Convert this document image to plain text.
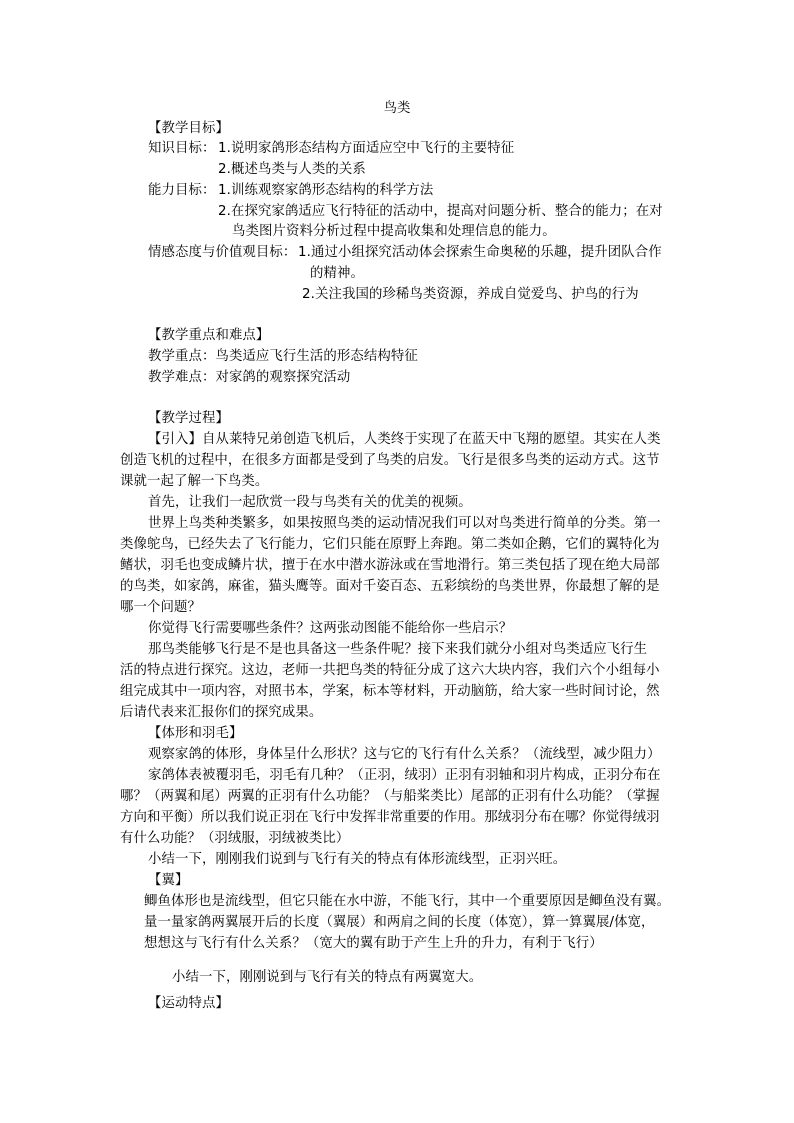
鸟类
【教学目标】
知识目标： 1.说明家鸽形态结构方面适应空中飞行的主要特征
2.概述鸟类与人类的关系
能力目标： 1.训练观察家鸽形态结构的科学方法
2.在探究家鸽适应飞行特征的活动中，提高对问题分析、整合的能力；在对
鸟类图片资料分析过程中提高收集和处理信息的能力。
情感态度与价值观目标： 1.通过小组探究活动体会探索生命奥秘的乐趣，提升团队合作
的精神。
2.关注我国的珍稀鸟类资源，养成自觉爱鸟、护鸟的行为
【教学重点和难点】
教学重点：鸟类适应飞行生活的形态结构特征
教学难点：对家鸽的观察探究活动
【教学过程】
【引入】自从莱特兄弟创造飞机后，人类终于实现了在蓝天中飞翔的愿望。其实在人类
创造飞机的过程中，在很多方面都是受到了鸟类的启发。飞行是很多鸟类的运动方式。这节
课就一起了解一下鸟类。
首先，让我们一起欣赏一段与鸟类有关的优美的视频。
世界上鸟类种类繁多，如果按照鸟类的运动情况我们可以对鸟类进行简单的分类。第一
类像鸵鸟，已经失去了飞行能力，它们只能在原野上奔跑。第二类如企鹅，它们的翼特化为
鳍状，羽毛也变成鳞片状，擅于在水中潜水游泳或在雪地滑行。第三类包括了现在绝大局部
的鸟类，如家鸽，麻雀，猫头鹰等。面对千姿百态、五彩缤纷的鸟类世界，你最想了解的是
哪一个问题？
你觉得飞行需要哪些条件？这两张动图能不能给你一些启示？
那鸟类能够飞行是不是也具备这一些条件呢？接下来我们就分小组对鸟类适应飞行生
活的特点进行探究。这边，老师一共把鸟类的特征分成了这六大块内容，我们六个小组每小
组完成其中一项内容，对照书本，学案，标本等材料，开动脑筋，给大家一些时间讨论，然
后请代表来汇报你们的探究成果。
【体形和羽毛】
观察家鸽的体形，身体呈什么形状？这与它的飞行有什么关系？（流线型，减少阻力）
家鸽体表被覆羽毛，羽毛有几种？（正羽，绒羽）正羽有羽轴和羽片构成，正羽分布在
哪？（两翼和尾）两翼的正羽有什么功能？（与船桨类比）尾部的正羽有什么功能？（掌握
方向和平衡）所以我们说正羽在飞行中发挥非常重要的作用。那绒羽分布在哪？你觉得绒羽
有什么功能？（羽绒服，羽绒被类比）
小结一下，刚刚我们说到与飞行有关的特点有体形流线型，正羽兴旺。
【翼】
鲫鱼体形也是流线型，但它只能在水中游，不能飞行，其中一个重要原因是鲫鱼没有翼。
量一量家鸽两翼展开后的长度（翼展）和两肩之间的长度（体宽），算一算翼展/体宽，
想想这与飞行有什么关系？（宽大的翼有助于产生上升的升力，有利于飞行）
小结一下，刚刚说到与飞行有关的特点有两翼宽大。
【运动特点】
